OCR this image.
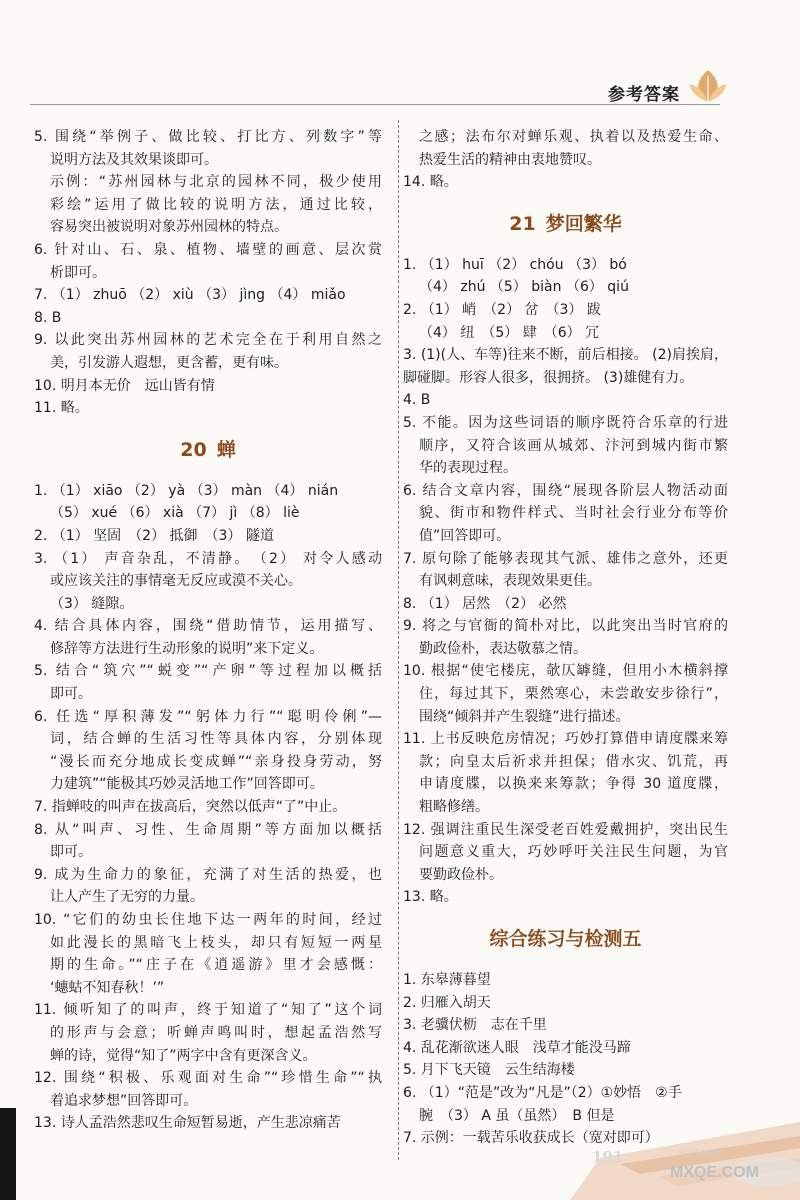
参考答案
5. 围绕“举例子、做比较、打比方、列数字”等
说明方法及其效果谈即可。
示例：“苏州园林与北京的园林不同，极少使用
彩绘”运用了做比较的说明方法，通过比较，
容易突出被说明对象苏州园林的特点。
6. 针对山、石、泉、植物、墙壁的画意、层次赏
析即可。
7. （1） zhuō （2） xiù （3） jìng （4） miǎo
8. B
9. 以此突出苏州园林的艺术完全在于利用自然之
美，引发游人遐想，更含蓄，更有味。
10. 明月本无价　远山皆有情
11. 略。
20 蝉
1. （1） xiāo （2） yà （3） màn （4） nián
（5） xué （6） xià （7） jì （8） liè
2. （1） 坚固　（2） 抵御　（3） 隧道
3. （1） 声音杂乱，不清静。　（2） 对令人感动
或应该关注的事情毫无反应或漠不关心。
（3） 缝隙。
4. 结合具体内容，围绕“借助情节，运用描写、
修辞等方法进行生动形象的说明”来下定义。
5. 结合“筑穴”“蜕变”“产卵”等过程加以概括
即可。
6. 任选“厚积薄发”“躬体力行”“聪明伶俐”—
词，结合蝉的生活习性等具体内容，分别体现
“漫长而充分地成长变成蝉”“亲身投身劳动，努
力建筑”“能极其巧妙灵活地工作”回答即可。
7. 指蝉吱的叫声在拔高后，突然以低声“了”中止。
8. 从“叫声、习性、生命周期”等方面加以概括
即可。
9. 成为生命力的象征，充满了对生活的热爱，也
让人产生了无穷的力量。
10. “它们的幼虫长住地下达一两年的时间，经过
如此漫长的黑暗飞上枝头，却只有短短一两星
期的生命。”“庄子在《逍遥游》里才会感慨：
‘蟪蛄不知春秋！’”
11. 倾听知了的叫声，终于知道了“知了”这个词
的形声与会意；听蝉声鸣叫时，想起孟浩然写
蝉的诗，觉得“知了”两字中含有更深含义。
12. 围绕“积极、乐观面对生命”“珍惜生命”“执
着追求梦想”回答即可。
13. 诗人孟浩然悲叹生命短暂易逝，产生悲凉痛苦
之感；法布尔对蝉乐观、执着以及热爱生命、
热爱生活的精神由衷地赞叹。
14. 略。
21 梦回繁华
1. （1） huī （2） chóu （3） bó
（4） zhú （5） biàn （6） qiú
2. （1） 峭　（2） 岔　（3） 跋
（4） 纽　（5） 肆　（6） 冗
3. (1)(人、车等)往来不断，前后相接。 (2)肩挨肩，
脚碰脚。形容人很多，很拥挤。 (3)雄健有力。
4. B
5. 不能。因为这些词语的顺序既符合乐章的行进
顺序，又符合该画从城郊、汴河到城内街市繁
华的表现过程。
6. 结合文章内容，围绕“展现各阶层人物活动面
貌、街市和物件样式、当时社会行业分布等价
值”回答即可。
7. 原句除了能够表现其气派、雄伟之意外，还更
有讽刺意味，表现效果更佳。
8. （1） 居然　（2） 必然
9. 将之与官衙的简朴对比，以此突出当时官府的
勤政俭朴，表达敬慕之情。
10. 根据“使宅楼庑，欹仄罅缝，但用小木横斜撑
住，每过其下，栗然寒心，未尝敢安步徐行”，
围绕“倾斜并产生裂缝”进行描述。
11. 上书反映危房情况；巧妙打算借申请度牒来筹
款；向皇太后祈求并担保；借水灾、饥荒，再
申请度牒，以换来来筹款；争得 30 道度牒，
粗略修缮。
12. 强调注重民生深受老百姓爱戴拥护，突出民生
问题意义重大，巧妙呼吁关注民生问题，为官
要勤政俭朴。
13. 略。
综合练习与检测五
1. 东皋薄暮望
2. 归雁入胡天
3. 老骥伏枥　志在千里
4. 乱花渐欲迷人眼　浅草才能没马蹄
5. 月下飞天镜　云生结海楼
6. （1）“范是”改为“凡是”（2）①妙悟　②手
腕　（3） A 虽（虽然）　B 但是
7. 示例：一载苦乐收获成长（宽对即可）
SUITANG
191
MXQE.COM
